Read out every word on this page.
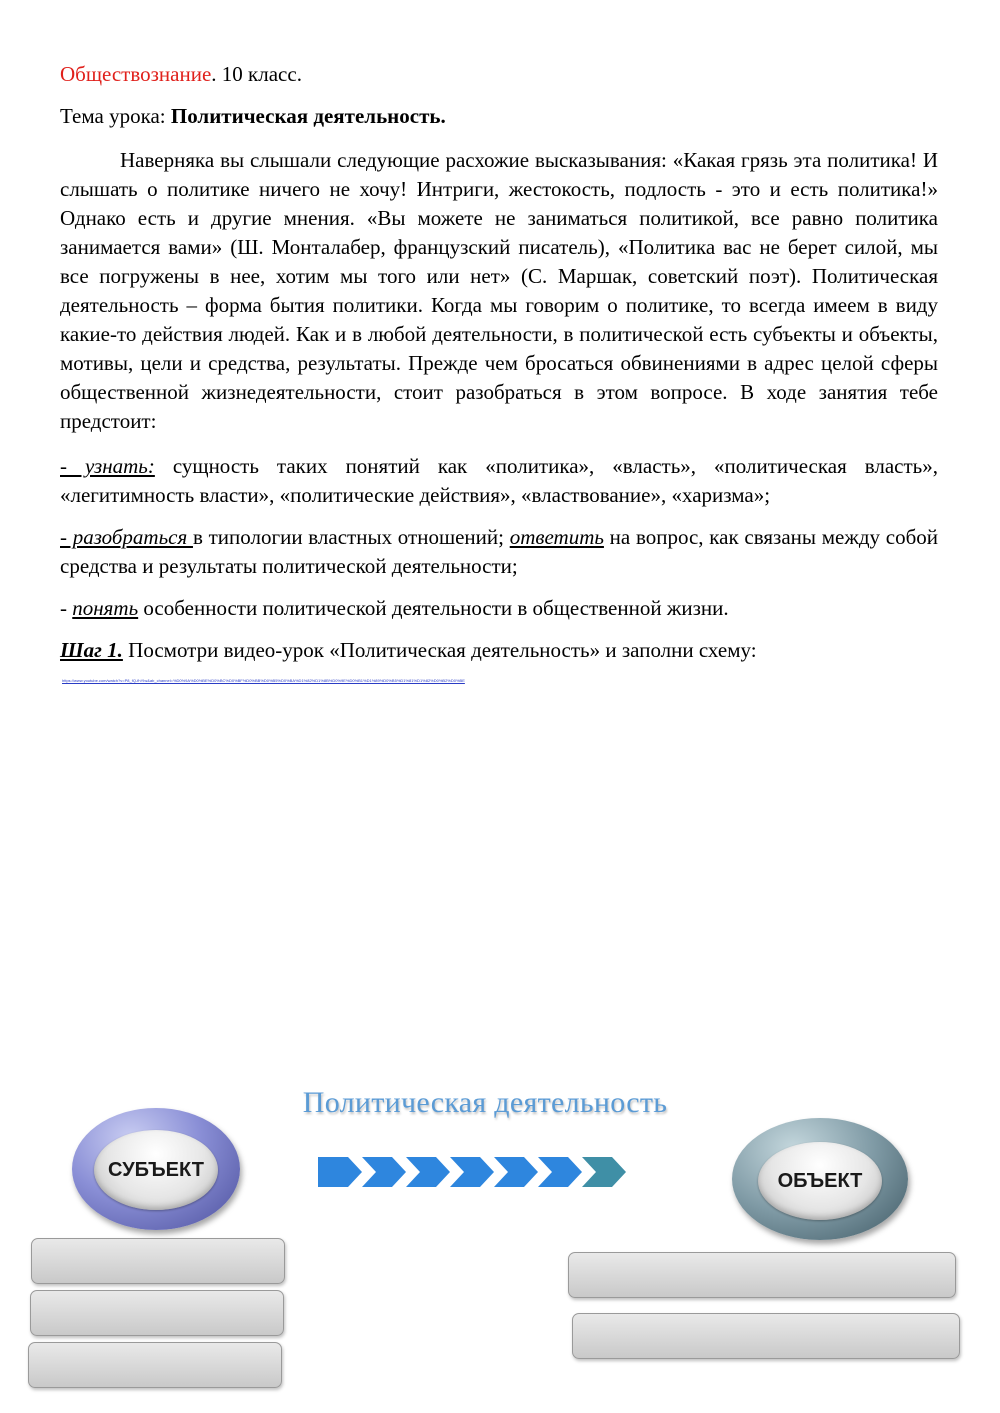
Обществознание. 10 класс.
Тема урока: Политическая деятельность.
Наверняка вы слышали следующие расхожие высказывания: «Какая грязь эта политика! И слышать о политике ничего не хочу! Интриги, жестокость, подлость - это и есть политика!» Однако есть и другие мнения. «Вы можете не заниматься политикой, все равно политика занимается вами» (Ш. Монталабер, французский писатель), «Политика вас не берет силой, мы все погружены в нее, хотим мы того или нет» (С. Маршак, советский поэт). Политическая деятельность – форма бытия политики. Когда мы говорим о политике, то всегда имеем в виду какие-то действия людей. Как и в любой деятельности, в политической есть субъекты и объекты, мотивы, цели и средства, результаты. Прежде чем бросаться обвинениями в адрес целой сферы общественной жизнедеятельности, стоит разобраться в этом вопросе. В ходе занятия тебе предстоит:
- узнать: сущность таких понятий как «политика», «власть», «политическая власть», «легитимность власти», «политические действия», «властвование», «харизма»;
- разобраться в типологии властных отношений; ответить на вопрос, как связаны между собой средства и результаты политической деятельности;
- понять особенности политической деятельности в общественной жизни.
Шаг 1. Посмотри видео-урок «Политическая деятельность» и заполни схему:
https://www.youtube.com/watch?v=P8_fQ-fhYIw&ab_channel=%D0%9A%D0%BE%D0%BC%D0%BF%D0%BB%D0%B5%D0%BA%D1%82%D1%8B%D0%9E%D0%B1%D1%89%D0%B5%D1%81%D1%82%D0%B2%D0%BE
Политическая деятельность
СУБЪЕКТ	ОБЪЕКТ
